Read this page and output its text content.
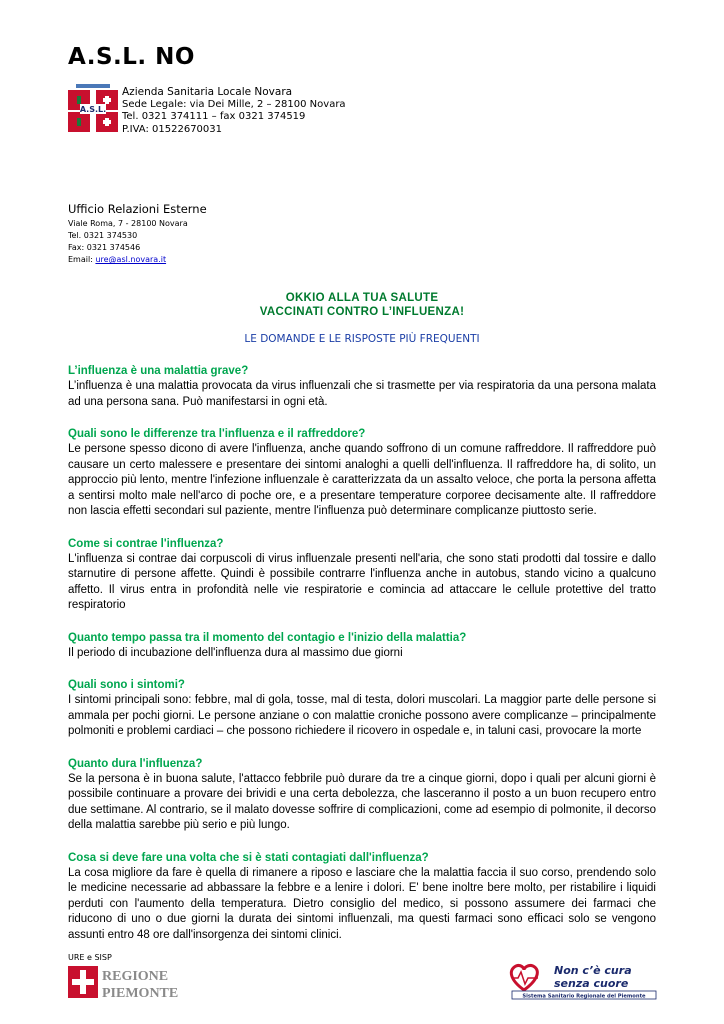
A.S.L. NO
A.S.L.
Azienda Sanitaria Locale Novara
Sede Legale: via Dei Mille, 2 – 28100 Novara
Tel. 0321 374111 – fax 0321 374519
P.IVA: 01522670031
Ufficio Relazioni Esterne
Viale Roma, 7 - 28100 Novara
Tel. 0321 374530
Fax: 0321 374546
Email: ure@asl.novara.it
OKKIO ALLA TUA SALUTE
VACCINATI CONTRO L’INFLUENZA!
LE DOMANDE E LE RISPOSTE PIÙ FREQUENTI
L’influenza è una malattia grave?

L’influenza è una malattia provocata da virus influenzali che si trasmette per via respiratoria da una persona malata ad una persona sana. Può manifestarsi in ogni età.

Quali sono le differenze tra l'influenza e il raffreddore?

Le persone spesso dicono di avere l'influenza, anche quando soffrono di un comune raffreddore. Il raffreddore può causare un certo malessere e presentare dei sintomi analoghi a quelli dell'influenza. Il raffreddore ha, di solito, un approccio più lento, mentre l'infezione influenzale è caratterizzata da un assalto veloce, che porta la persona affetta a sentirsi molto male nell'arco di poche ore, e a presentare temperature corporee decisamente alte. Il raffreddore non lascia effetti secondari sul paziente, mentre l'influenza può determinare complicanze piuttosto serie.

Come si contrae l'influenza?

L'influenza si contrae dai corpuscoli di virus influenzale presenti nell'aria, che sono stati prodotti dal tossire e dallo starnutire di persone affette. Quindi è possibile contrarre l'influenza anche in autobus, stando vicino a qualcuno affetto. Il virus entra in profondità nelle vie respiratorie e comincia ad attaccare le cellule protettive del tratto respiratorio

Quanto tempo passa tra il momento del contagio e l'inizio della malattia?

Il periodo di incubazione dell'influenza dura al massimo due giorni

Quali sono i sintomi?

I sintomi principali sono: febbre, mal di gola, tosse, mal di testa, dolori muscolari. La maggior parte delle persone si ammala per pochi giorni. Le persone anziane o con malattie croniche possono avere complicanze – principalmente polmoniti e problemi cardiaci – che possono richiedere il ricovero in ospedale e, in taluni casi, provocare la morte

Quanto dura l'influenza?

Se la persona è in buona salute, l'attacco febbrile può durare da tre a cinque giorni, dopo i quali per alcuni giorni è possibile continuare a provare dei brividi e una certa debolezza, che lasceranno il posto a un buon recupero entro due settimane. Al contrario, se il malato dovesse soffrire di complicazioni, come ad esempio di polmonite, il decorso della malattia sarebbe più serio e più lungo.

Cosa si deve fare una volta che si è stati contagiati dall'influenza?

La cosa migliore da fare è quella di rimanere a riposo e lasciare che la malattia faccia il suo corso, prendendo solo le medicine necessarie ad abbassare la febbre e a lenire i dolori. E' bene inoltre bere molto, per ristabilire i liquidi perduti con l'aumento della temperatura. Dietro consiglio del medico, si possono assumere dei farmaci che riducono di uno o due giorni la durata dei sintomi influenzali, ma questi farmaci sono efficaci solo se vengono assunti entro 48 ore dall'insorgenza dei sintomi clinici.

URE e SISP
REGIONE
PIEMONTE
Non c’è cura
senza cuore
Sistema Sanitario Regionale del Piemonte
